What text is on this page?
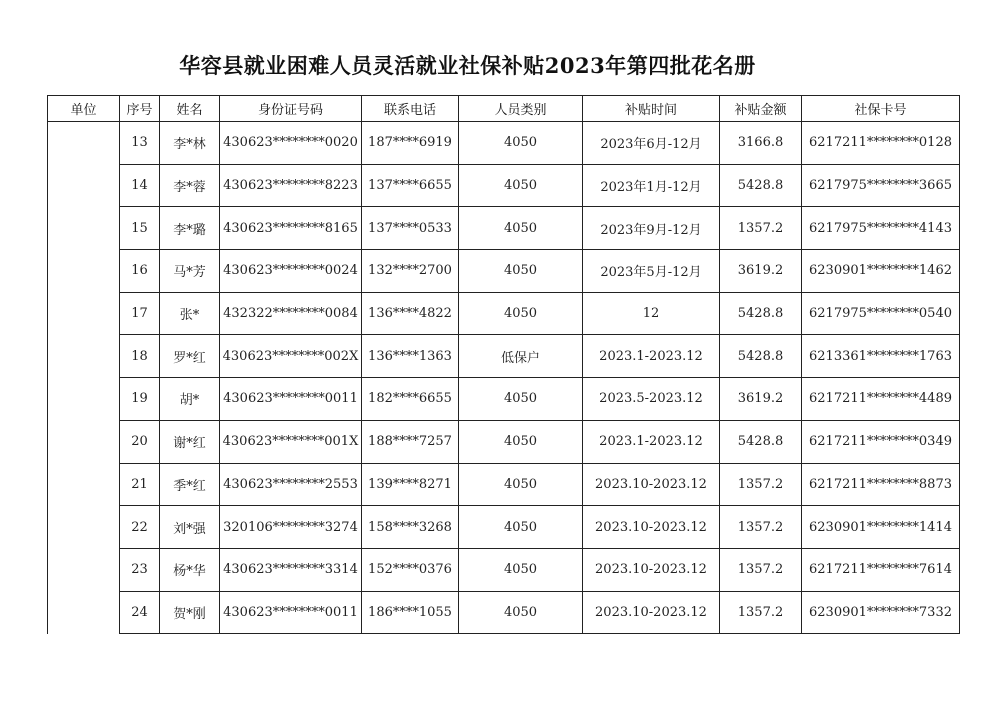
华容县就业困难人员灵活就业社保补贴2023年第四批花名册
单位	序号	姓名	身份证号码	联系电话	人员类别	补贴时间	补贴金额	社保卡号
	13	李*林	430623********0020	187****6919	4050	2023年6月-12月	3166.8	6217211********0128
	14	李*蓉	430623********8223	137****6655	4050	2023年1月-12月	5428.8	6217975********3665
	15	李*璐	430623********8165	137****0533	4050	2023年9月-12月	1357.2	6217975********4143
	16	马*芳	430623********0024	132****2700	4050	2023年5月-12月	3619.2	6230901********1462
	17	张*	432322********0084	136****4822	4050	12	5428.8	6217975********0540
	18	罗*红	430623********002X	136****1363	低保户	2023.1-2023.12	5428.8	6213361********1763
	19	胡*	430623********0011	182****6655	4050	2023.5-2023.12	3619.2	6217211********4489
	20	谢*红	430623********001X	188****7257	4050	2023.1-2023.12	5428.8	6217211********0349
	21	季*红	430623********2553	139****8271	4050	2023.10-2023.12	1357.2	6217211********8873
	22	刘*强	320106********3274	158****3268	4050	2023.10-2023.12	1357.2	6230901********1414
	23	杨*华	430623********3314	152****0376	4050	2023.10-2023.12	1357.2	6217211********7614
	24	贺*刚	430623********0011	186****1055	4050	2023.10-2023.12	1357.2	6230901********7332
